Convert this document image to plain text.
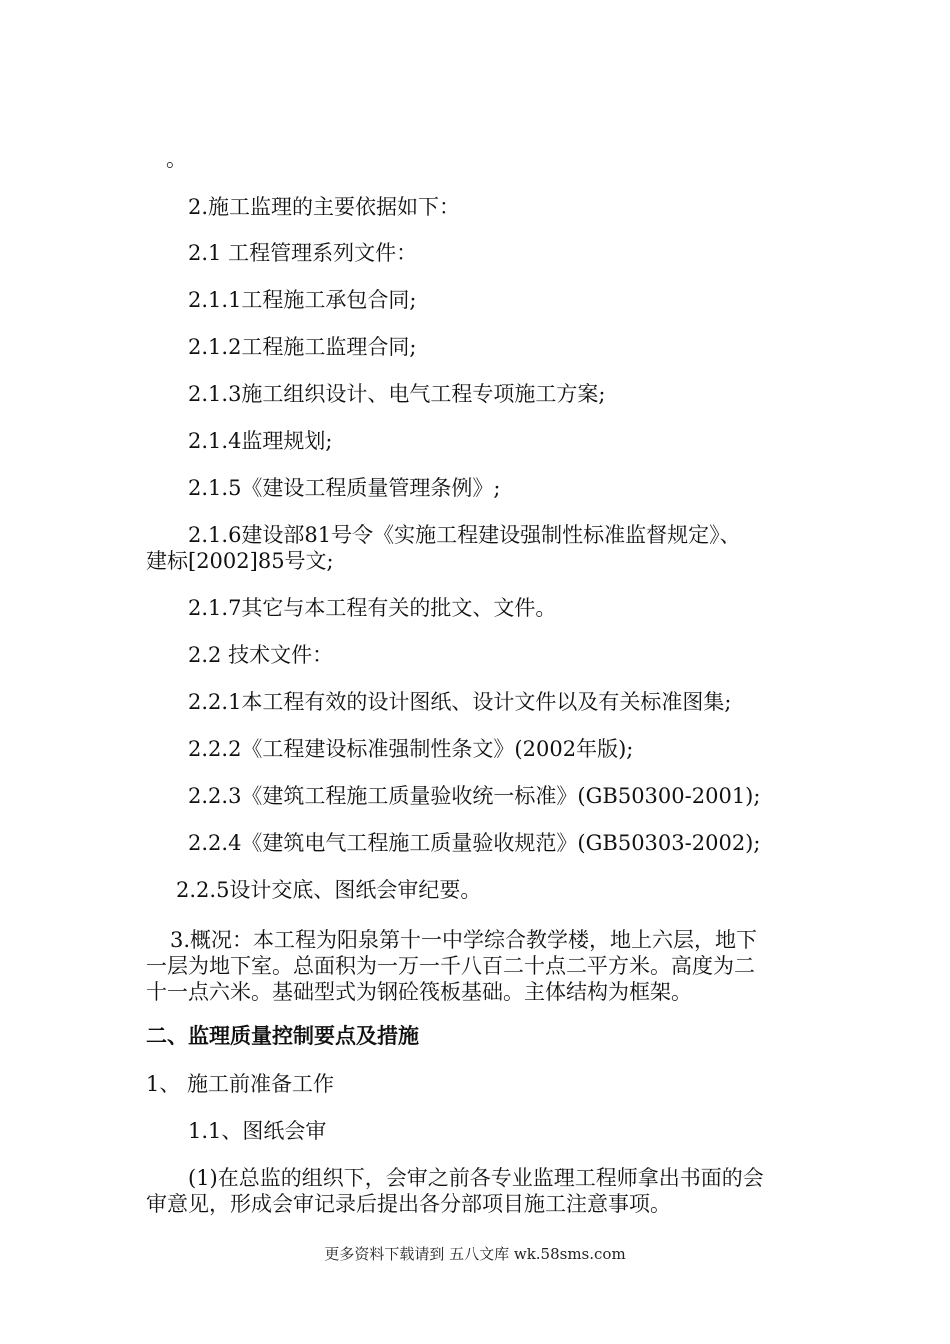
。
2.施工监理的主要依据如下：
2.1 工程管理系列文件：
2.1.1工程施工承包合同;
2.1.2工程施工监理合同;
2.1.3施工组织设计、电气工程专项施工方案;
2.1.4监理规划;
2.1.5《建设工程质量管理条例》;
2.1.6建设部81号令《实施工程建设强制性标准监督规定》、
建标[2002]85号文;
2.1.7其它与本工程有关的批文、文件。
2.2 技术文件：
2.2.1本工程有效的设计图纸、设计文件以及有关标准图集;
2.2.2《工程建设标准强制性条文》(2002年版);
2.2.3《建筑工程施工质量验收统一标准》(GB50300-2001);
2.2.4《建筑电气工程施工质量验收规范》(GB50303-2002);
2.2.5设计交底、图纸会审纪要。
3.概况：本工程为阳泉第十一中学综合教学楼，地上六层，地下
一层为地下室。总面积为一万一千八百二十点二平方米。高度为二
十一点六米。基础型式为钢砼筏板基础。主体结构为框架。
二、监理质量控制要点及措施
1、 施工前准备工作
1.1、图纸会审
(1)在总监的组织下，会审之前各专业监理工程师拿出书面的会
审意见，形成会审记录后提出各分部项目施工注意事项。
更多资料下载请到 五八文库 wk.58sms.com
